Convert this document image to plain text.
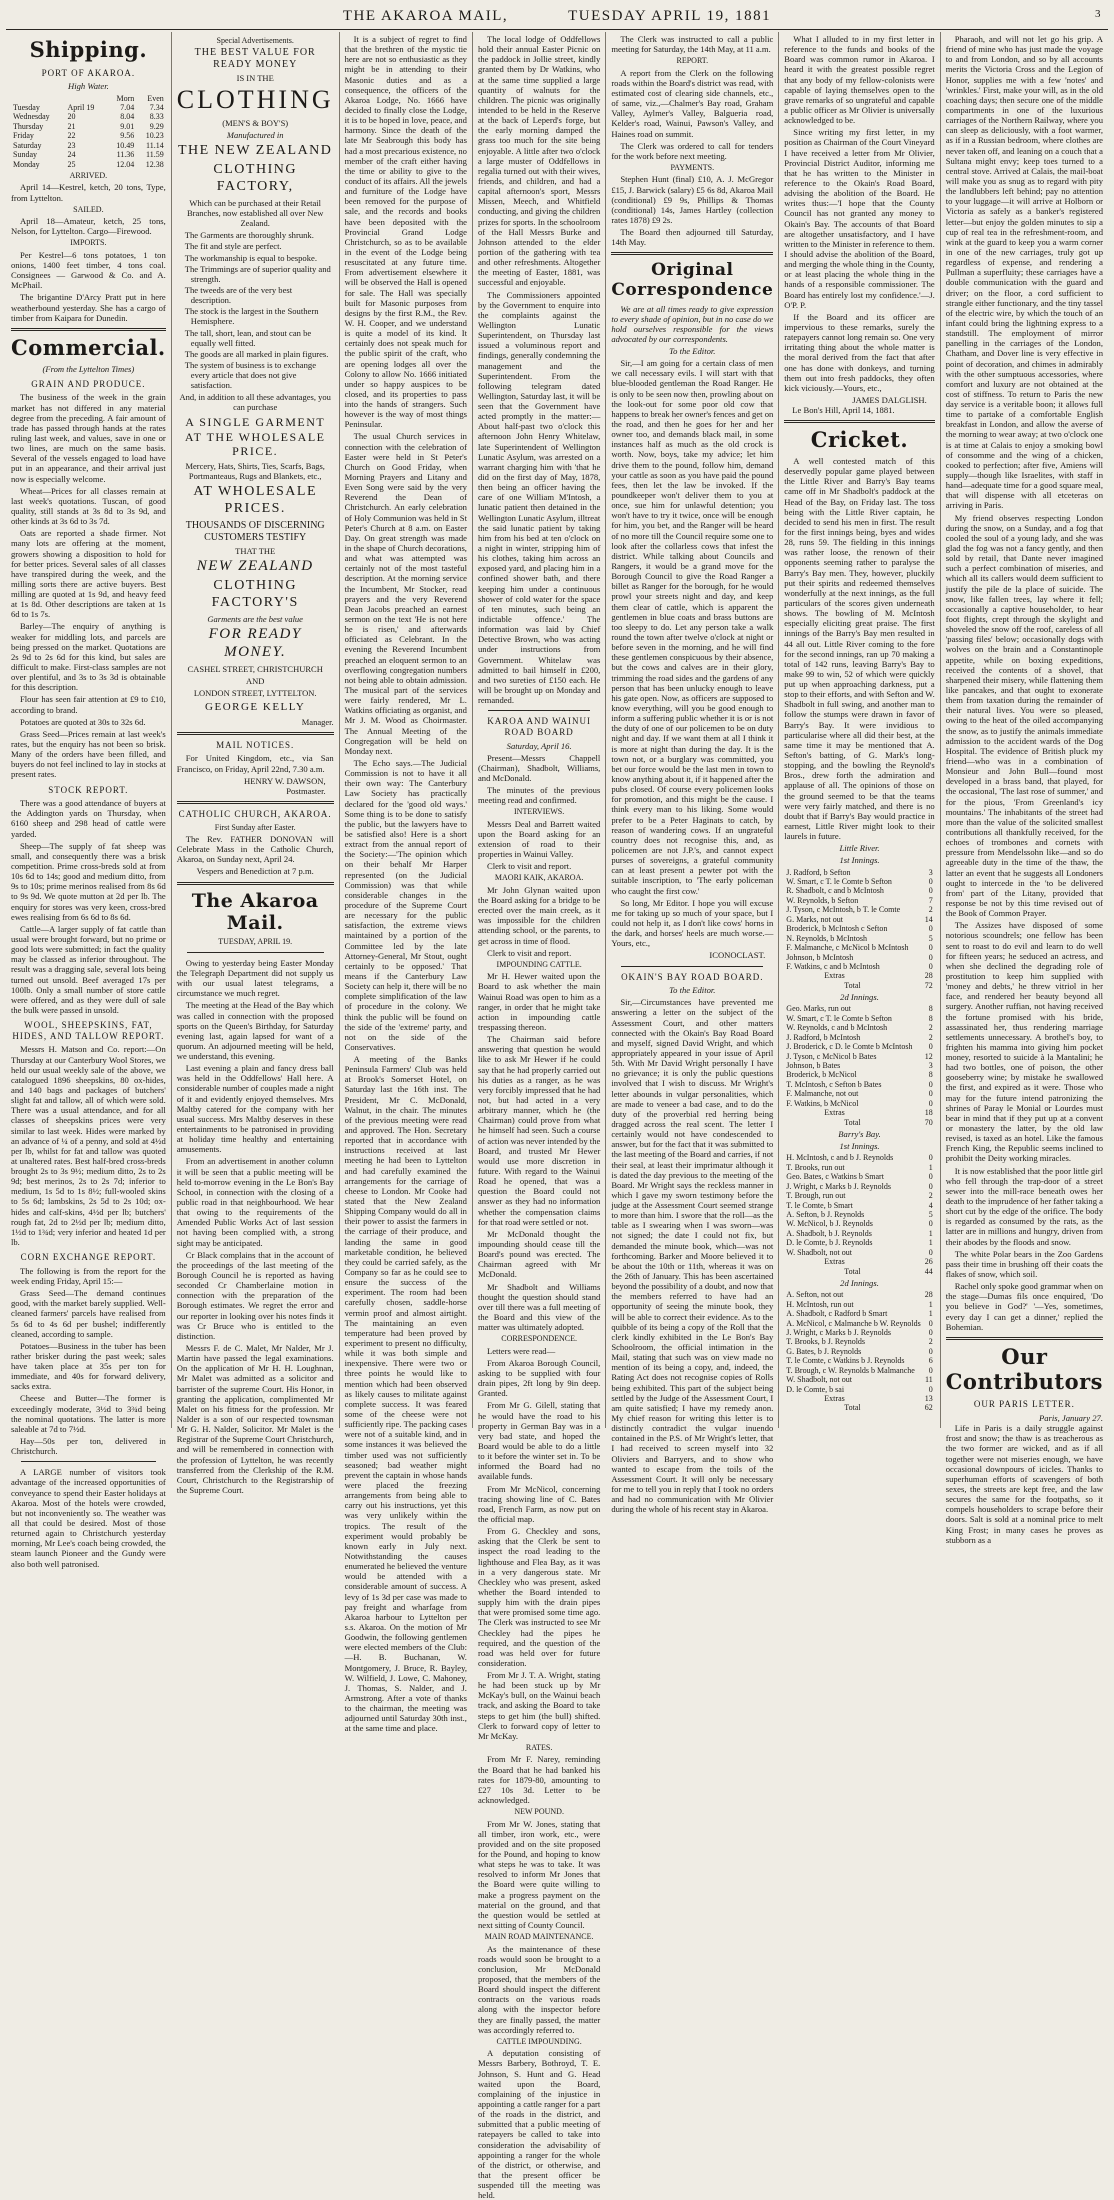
THE AKAROA MAIL,	TUESDAY APRIL 19, 1881	3
Shipping.
PORT OF AKAROA.
High Water.
		Morn	Even
Tuesday	April 19	7.04	7.34
Wednesday	20	8.04	8.33
Thursday	21	9.01	9.29
Friday	22	9.56	10.23
Saturday	23	10.49	11.14
Sunday	24	11.36	11.59
Monday	25	12.04	12.38
ARRIVED.

April 14—Kestrel, ketch, 20 tons, Type, from Lyttelton.

SAILED.

April 18—Amateur, ketch, 25 tons, Nelson, for Lyttelton. Cargo—Firewood.

IMPORTS.

Per Kestrel—6 tons potatoes, 1 ton onions, 1400 feet timber, 4 tons coal. Consignees — Garwood & Co. and A. McPhail.

The brigantine D'Arcy Pratt put in here weatherbound yesterday. She has a cargo of timber from Kaipara for Dunedin.

Commercial.
(From the Lyttelton Times)
GRAIN AND PRODUCE.

The business of the week in the grain market has not differed in any material degree from the preceding. A fair amount of trade has passed through hands at the rates ruling last week, and values, save in one or two lines, are much on the same basis. Several of the vessels engaged to load have put in an appearance, and their arrival just now is especially welcome.

Wheat—Prices for all classes remain at last week's quotations. Tuscan, of good quality, still stands at 3s 8d to 3s 9d, and other kinds at 3s 6d to 3s 7d.

Oats are reported a shade firmer. Not many lots are offering at the moment, growers showing a disposition to hold for for better prices. Several sales of all classes have transpired during the week, and the milling sorts there are active buyers. Best milling are quoted at 1s 9d, and heavy feed at 1s 8d. Other descriptions are taken at 1s 6d to 1s 7s.

Barley—The enquiry of anything is weaker for middling lots, and parcels are being pressed on the market. Quotations are 2s 9d to 2s 6d for this kind, but sales are difficult to make. First-class samples are not over plentiful, and 3s to 3s 3d is obtainable for this description.

Flour has seen fair attention at £9 to £10, according to brand.

Potatoes are quoted at 30s to 32s 6d.

Grass Seed—Prices remain at last week's rates, but the enquiry has not been so brisk. Many of the orders have been filled, and buyers do not feel inclined to lay in stocks at present rates.

STOCK REPORT.

There was a good attendance of buyers at the Addington yards on Thursday, when 6160 sheep and 298 head of cattle were yarded.

Sheep—The supply of fat sheep was small, and consequently there was a brisk competition. Prime cross-breds sold at from 10s 6d to 14s; good and medium ditto, from 9s to 10s; prime merinos realised from 8s 6d to 9s 9d. We quote mutton at 2d per lb. The enquiry for stores was very keen, cross-bred ewes realising from 6s 6d to 8s 6d.

Cattle—A larger supply of fat cattle than usual were brought forward, but no prime or good lots were submitted; in fact the quality may be classed as inferior throughout. The result was a dragging sale, several lots being turned out unsold. Beef averaged 17s per 100lb. Only a small number of store cattle were offered, and as they were dull of sale the bulk were passed in unsold.

WOOL, SHEEPSKINS, FAT, HIDES, AND TALLOW REPORT.

Messrs H. Matson and Co. report:—On Thursday at our Canterbury Wool Stores, we held our usual weekly sale of the above, we catalogued 1896 sheepskins, 80 ox-hides, and 140 bags and packages of butchers' slight fat and tallow, all of which were sold. There was a usual attendance, and for all classes of sheepskins prices were very similar to last week. Hides were marked by an advance of ¼ of a penny, and sold at 4½d per lb, whilst for fat and tallow was quoted at unaltered rates. Best half-bred cross-breds brought 2s to 3s 9½; medium ditto, 2s to 2s 9d; best merinos, 2s to 2s 7d; inferior to medium, 1s 5d to 1s 8½; full-wooled skins to 5s 6d; lambskins, 2s 5d to 2s 10d; ox-hides and calf-skins, 4½d per lb; butchers' rough fat, 2d to 2½d per lb; medium ditto, 1½d to 1¾d; very inferior and heated 1d per lb.

CORN EXCHANGE REPORT.

The following is from the report for the week ending Friday, April 15:—

Grass Seed—The demand continues good, with the market barely supplied. Well-cleaned farmers' parcels have realised from 5s 6d to 4s 6d per bushel; indifferently cleaned, according to sample.

Potatoes—Business in the tuber has been rather brisker during the past week; sales have taken place at 35s per ton for immediate, and 40s for forward delivery, sacks extra.

Cheese and Butter—The former is exceedingly moderate, 3½d to 3¾d being the nominal quotations. The latter is more saleable at 7d to 7½d.

Hay—50s per ton, delivered in Christchurch.

A LARGE number of visitors took advantage of the increased opportunities of conveyance to spend their Easter holidays at Akaroa. Most of the hotels were crowded, but not inconveniently so. The weather was all that could be desired. Most of those returned again to Christchurch yesterday morning, Mr Lee's coach being crowded, the steam launch Pioneer and the Gundy were also both well patronised.

Special Advertisements.
THE BEST VALUE FOR READY MONEY
IS IN THE
CLOTHING
(MEN'S & BOY'S)
Manufactured in
THE NEW ZEALAND
CLOTHING FACTORY,
Which can be purchased at their Retail Branches, now established all over New Zealand.
The Garments are thoroughly shrunk.
The fit and style are perfect.
The workmanship is equal to bespoke.
The Trimmings are of superior quality and strength.
The tweeds are of the very best description.
The stock is the largest in the Southern Hemisphere.
The tall, short, lean, and stout can be equally well fitted.
The goods are all marked in plain figures.
The system of business is to exchange every article that does not give satisfaction.
And, in addition to all these advantages, you can purchase
A SINGLE GARMENT AT THE WHOLESALE PRICE.
Mercery, Hats, Shirts, Ties, Scarfs, Bags, Portmanteaus, Rugs and Blankets, etc.,
AT WHOLESALE PRICES.
THOUSANDS OF DISCERNING CUSTOMERS TESTIFY
THAT THE
NEW ZEALAND
CLOTHING FACTORY'S
Garments are the best value
FOR READY MONEY.
CASHEL STREET, CHRISTCHURCH
AND
LONDON STREET, LYTTELTON.
GEORGE KELLY
Manager.
MAIL NOTICES.

For United Kingdom, etc., via San Francisco, on Friday, April 22nd, 7.30 a.m.

HENRY W. DAWSON,
Postmaster.
CATHOLIC CHURCH, AKAROA.
First Sunday after Easter.

The Rev. FATHER DONOVAN will Celebrate Mass in the Catholic Church, Akaroa, on Sunday next, April 24.

Vespers and Benediction at 7 p.m.
The Akaroa Mail.
TUESDAY, APRIL 19.

Owing to yesterday being Easter Monday the Telegraph Department did not supply us with our usual latest telegrams, a circumstance we much regret.

The meeting at the Head of the Bay which was called in connection with the proposed sports on the Queen's Birthday, for Saturday evening last, again lapsed for want of a quorum. An adjourned meeting will be held, we understand, this evening.

Last evening a plain and fancy dress ball was held in the Oddfellows' Hall here. A considerable number of couples made a night of it and evidently enjoyed themselves. Mrs Maltby catered for the company with her usual success. Mrs Maltby deserves in these entertainments to be patronised in providing at holiday time healthy and entertaining amusements.

From an advertisement in another column it will be seen that a public meeting will be held to-morrow evening in the Le Bon's Bay School, in connection with the closing of a public road in that neighbourhood. We hear that owing to the requirements of the Amended Public Works Act of last session not having been complied with, a strong sight may be anticipated.

Cr Black complains that in the account of the proceedings of the last meeting of the Borough Council he is reported as having seconded Cr Chamberlaine motion in connection with the preparation of the Borough estimates. We regret the error and our reporter in looking over his notes finds it was Cr Bruce who is entitled to the distinction.

Messrs F. de C. Malet, Mr Nalder, Mr J. Martin have passed the legal examinations. On the application of Mr H. H. Loughnan, Mr Malet was admitted as a solicitor and barrister of the supreme Court. His Honor, in granting the application, complimented Mr Malet on his fitness for the profession. Mr Nalder is a son of our respected townsman Mr G. H. Nalder, Solicitor. Mr Malet is the Registrar of the Supreme Court Christchurch, and will be remembered in connection with the profession of Lyttelton, he was recently transferred from the Clerkship of the R.M. Court, Christchurch to the Registrarship of the Supreme Court.

It is a subject of regret to find that the brethren of the mystic tie here are not so enthusiastic as they might be in attending to their Masonic duties and as a consequence, the officers of the Akaroa Lodge, No. 1666 have decided to finally close the Lodge, it is to be hoped in love, peace, and harmony. Since the death of the late Mr Seabrough this body has had a most precarious existence, no member of the craft either having the time or ability to give to the conduct of its affairs. All the jewels and furniture of the Lodge have been removed for the purpose of sale, and the records and books have been deposited with the Provincial Grand Lodge Christchurch, so as to be available in the event of the Lodge being resuscitated at any future time. From advertisement elsewhere it will be observed the Hall is opened for sale. The Hall was specially built for Masonic purposes from designs by the first R.M., the Rev. W. H. Cooper, and we understand is quite a model of its kind. It certainly does not speak much for the public spirit of the craft, who are opening lodges all over the Colony to allow No. 1666 initiated under so happy auspices to be closed, and its properties to pass into the hands of strangers. Such however is the way of most things Peninsular.

The usual Church services in connection with the celebration of Easter were held in St Peter's Church on Good Friday, when Morning Prayers and Litany and Even Song were said by the very Reverend the Dean of Christchurch. An early celebration of Holy Communion was held in St Peter's Church at 8 a.m. on Easter Day. On great strength was made in the shape of Church decorations, and what was attempted was certainly not of the most tasteful description. At the morning service the Incumbent, Mr Stocker, read prayers and the very Reverend Dean Jacobs preached an earnest sermon on the text 'He is not here he is risen,' and afterwards officiated as Celebrant. In the evening the Reverend Incumbent preached an eloquent sermon to an overflowing congregation numbers not being able to obtain admission. The musical part of the services were fairly rendered, Mr L. Watkins officiating as organist, and Mr J. M. Wood as Choirmaster. The Annual Meeting of the Congregation will be held on Monday next.

The Echo says.—The Judicial Commission is not to have it all their own way: The Canterbury Law Society has practically declared for the 'good old ways.' Some thing is to be done to satisfy the public, but the lawyers have to be satisfied also! Here is a short extract from the annual report of the Society:—'The opinion which on their behalf Mr Harper represented (on the Judicial Commission) was that while considerable changes in the procedure of the Supreme Court are necessary for the public satisfaction, the extreme views maintained by a portion of the Committee led by the late Attorney-General, Mr Stout, ought certainly to be opposed.' That means if the Canterbury Law Society can help it, there will be no complete simplification of the law of procedure in the colony. We think the public will be found on the side of the 'extreme' party, and not on the side of the Conservatives.

A meeting of the Banks Peninsula Farmers' Club was held at Brook's Somerset Hotel, on Saturday last the 16th inst. The President, Mr C. McDonald, Walnut, in the chair. The minutes of the previous meeting were read and approved. The Hon. Secretary reported that in accordance with instructions received at last meeting he had been to Lyttelton and had carefully examined the arrangements for the carriage of cheese to London. Mr Cooke had stated that the New Zealand Shipping Company would do all in their power to assist the farmers in the carriage of their produce, and landing the same in good marketable condition, he believed they could be carried safely, as the Company so far as he could see to ensure the success of the experiment. The room had been carefully chosen, saddle-horse vermin proof and almost airtight. The maintaining an even temperature had been proved by experiment to present no difficulty, while it was both simple and inexpensive. There were two or three points he would like to mention which had been observed as likely causes to militate against complete success. It was feared some of the cheese were not sufficiently ripe. The packing cases were not of a suitable kind, and in some instances it was believed the timber used was not sufficiently seasoned; bad weather might prevent the captain in whose hands were placed the freezing arrangements from being able to carry out his instructions, yet this was very unlikely within the tropics. The result of the experiment would probably be known early in July next. Notwithstanding the causes enumerated he believed the venture would be attended with a considerable amount of success. A levy of 1s 3d per case was made to pay freight and wharfage from Akaroa harbour to Lyttelton per s.s. Akaroa. On the motion of Mr Goodwin, the following gentlemen were elected members of the Club:—H. B. Buchanan, W. Montgomery, J. Bruce, R. Bayley, W. Wilfield, J. Lowe, C. Mahoney, J. Thomas, S. Nalder, and J. Armstrong. After a vote of thanks to the chairman, the meeting was adjourned until Saturday 30th inst., at the same time and place.

The local lodge of Oddfellows hold their annual Easter Picnic on the paddock in Jollie street, kindly granted them by Dr Watkins, who at the same time supplied a large quantity of walnuts for the children. The picnic was originally intended to be held in the Reserve at the back of Leperd's forge, but the early morning damped the grass too much for the site being enjoyable. A little after two o'clock a large muster of Oddfellows in regalia turned out with their wives, friends, and children, and had a capital afternoon's sport, Messrs Missen, Meech, and Whitfield conducting, and giving the children prizes for sports. In the schoolroom of the Hall Messrs Burke and Johnson attended to the elder portion of the gathering with tea and other refreshments. Altogether the meeting of Easter, 1881, was successful and enjoyable.

The Commissioners appointed by the Government to enquire into the complaints against the Wellington Lunatic Superintendent, on Thursday last issued a voluminous report and findings, generally condemning the management and the Superintendent. From the following telegram dated Wellington, Saturday last, it will be seen that the Government have acted promptly in the matter:—About half-past two o'clock this afternoon John Henry Whitelaw, late Superintendent of Wellington Lunatic Asylum, was arrested on a warrant charging him with 'that he did on the first day of May, 1878, then being an officer having the care of one William M'Intosh, a lunatic patient then detained in the Wellington Lunatic Asylum, illtreat the said lunatic patient by taking him from his bed at ten o'clock on a night in winter, stripping him of his clothes, taking him across an exposed yard, and placing him in a confined shower bath, and there keeping him under a continuous shower of cold water for the space of ten minutes, such being an indictable offence.' The information was laid by Chief Detective Brown, who was acting under instructions from Government. Whitelaw was admitted to bail himself in £200, and two sureties of £150 each. He will be brought up on Monday and remanded.

KAROA AND WAINUI ROAD BOARD
Saturday, April 16.

Present—Messrs Chappell (Chairman), Shadbolt, Williams, and McDonald.

The minutes of the previous meeting read and confirmed.

INTERVIEWS.

Messrs Deal and Barrett waited upon the Board asking for an extension of road to their properties in Wainui Valley.

Clerk to visit and report.

MAORI KAIK, AKAROA.

Mr John Glynan waited upon the Board asking for a bridge to be erected over the main creek, as it was impossible for the children attending school, or the parents, to get across in time of flood.

Clerk to visit and report.

IMPOUNDING CATTLE.

Mr H. Hewer waited upon the Board to ask whether the main Wainui Road was open to him as a ranger, in order that he might take action in impounding cattle trespassing thereon.

The Chairman said before answering that question he would like to ask Mr Hewer if he could say that he had properly carried out his duties as a ranger, as he was very forcibly impressed that he had not, but had acted in a very arbitrary manner, which he (the Chairman) could prove from what he himself had seen. Such a course of action was never intended by the Board, and trusted Mr Hewer would use more discretion in future. With regard to the Wainui Road he opened, that was a question the Board could not answer as they had no information whether the compensation claims for that road were settled or not.

Mr McDonald thought the impounding should cease till the Board's pound was erected. The Chairman agreed with Mr McDonald.

Mr Shadbolt and Williams thought the question should stand over till there was a full meeting of the Board and this view of the matter was ultimately adopted.

CORRESPONDENCE.

Letters were read—

From Akaroa Borough Council, asking to be supplied with four drain pipes, 2ft long by 9in deep. Granted.

From Mr G. Gilell, stating that he would have the road to his property in German Bay was in a very bad state, and hoped the Board would be able to do a little to it before the winter set in. To be informed the Board had no available funds.

From Mr McNicol, concerning tracing showing line of C. Bates road, French Farm, as now put on the official map.

From G. Checkley and sons, asking that the Clerk be sent to inspect the road leading to the lighthouse and Flea Bay, as it was in a very dangerous state. Mr Checkley who was present, asked whether the Board intended to supply him with the drain pipes that were promised some time ago. The Clerk was instructed to see Mr Checkley had the pipes he required, and the question of the road was held over for future consideration.

From Mr J. T. A. Wright, stating he had been stuck up by Mr McKay's bull, on the Wainui beach track, and asking the Board to take steps to get him (the bull) shifted. Clerk to forward copy of letter to Mr McKay.

RATES.

From Mr F. Narey, reminding the Board that he had banked his rates for 1879-80, amounting to £27 10s 3d. Letter to be acknowledged.

NEW POUND.

From Mr W. Jones, stating that all timber, iron work, etc., were provided and on the site proposed for the Pound, and hoping to know what steps he was to take. It was resolved to inform Mr Jones that the Board were quite willing to make a progress payment on the material on the ground, and that the question would be settled at next sitting of County Council.

MAIN ROAD MAINTENANCE.

As the maintenance of these roads would soon be brought to a conclusion, Mr McDonald proposed, that the members of the Board should inspect the different contracts on the various roads along with the inspector before they are finally passed, the matter was accordingly referred to.

CATTLE IMPOUNDING.

A deputation consisting of Messrs Barbery, Bothroyd, T. E. Johnson, S. Hunt and G. Head waited upon the Board, complaining of the injustice in appointing a cattle ranger for a part of the roads in the district, and submitted that a public meeting of ratepayers be called to take into consideration the advisability of appointing a ranger for the whole of the district, or otherwise, and that the present officer be suspended till the meeting was held.

The Clerk was instructed to call a public meeting for Saturday, the 14th May, at 11 a.m.

REPORT.

A report from the Clerk on the following roads within the Board's district was read, with estimated cost of clearing side channels, etc., of same, viz.,—Chalmer's Bay road, Graham Valley, Aylmer's Valley, Balgueria road, Kelder's road, Wainui, Pawson's Valley, and Haines road on summit.

The Clerk was ordered to call for tenders for the work before next meeting.

PAYMENTS.

Stephen Hunt (final) £10, A. J. McGregor £15, J. Barwick (salary) £5 6s 8d, Akaroa Mail (conditional) £9 9s, Phillips & Thomas (conditional) 14s, James Hartley (collection rates 1878) £9 2s.

The Board then adjourned till Saturday, 14th May.

Original Correspondence

We are at all times ready to give expression to every shade of opinion, but in no case do we hold ourselves responsible for the views advocated by our correspondents.

To the Editor.

Sir,—I am going for a certain class of men we call necessary evils. I will start with that blue-blooded gentleman the Road Ranger. He is only to be seen now then, prowling about on the look-out for some poor old cow that happens to break her owner's fences and get on the road, and then he goes for her and her owner too, and demands black mail, in some instances half as much as the old crock is worth. Now, boys, take my advice; let him drive them to the pound, follow him, demand your cattle as soon as you have paid the pound fees, then let the law be invoked. If the poundkeeper won't deliver them to you at once, sue him for unlawful detention; you won't have to try it twice, once will be enough for him, you bet, and the Ranger will be heard of no more till the Council require some one to look after the collarless cows that infest the district. While talking about Councils and Rangers, it would be a grand move for the Borough Council to give the Road Ranger a billet as Ranger for the borough, for he would prowl your streets night and day, and keep them clear of cattle, which is apparent the gentlemen in blue coats and brass buttons are too sleepy to do. Let any person take a walk round the town after twelve o'clock at night or before seven in the morning, and he will find these gentlemen conspicuous by their absence, but the cows and calves are in their glory, trimming the road sides and the gardens of any person that has been unlucky enough to leave his gate open. Now, as officers are supposed to know everything, will you be good enough to inform a suffering public whether it is or is not the duty of one of our policemen to be on duty night and day. If we want them at all I think it is more at night than during the day. It is the town not, or a burglary was committed, you bet our force would be the last men in town to know anything about it, if it happened after the pubs closed. Of course every policemen looks for promotion, and this might be the cause. I think every man to his liking. Some would prefer to be a Peter Haginats to catch, by reason of wandering cows. If an ungrateful country does not recognise this, and, as policemen are not J.P.'s, and cannot expect purses of sovereigns, a grateful community can at least present a pewter pot with the suitable inscription, to 'The early policeman who caught the first cow.'

So long, Mr Editor. I hope you will excuse me for taking up so much of your space, but I could not help it, as I don't like cows' horns in the dark, and horses' heels are much worse.—Yours, etc.,

ICONOCLAST.
OKAIN'S BAY ROAD BOARD.
To the Editor.

Sir,—Circumstances have prevented me answering a letter on the subject of the Assessment Court, and other matters connected with the Okain's Bay Road Board and myself, signed David Wright, and which appropriately appeared in your issue of April 5th. With Mr David Wright personally I have no grievance; it is only the public questions involved that I wish to discuss. Mr Wright's letter abounds in vulgar personalities, which are made to veneer a bad case, and to do the duty of the proverbial red herring being dragged across the real scent. The letter I certainly would not have condescended to answer, but for the fact that it was submitted to the last meeting of the Board and carries, if not their seal, at least their imprimatur although it is dated the day previous to the meeting of the Board. Mr Wright says the reckless manner in which I gave my sworn testimony before the judge at the Assessment Court seemed strange to more than him. I swore that the roll—as the table as I swearing when I was sworn—was not signed; the date I could not fix, but demanded the minute book, which—was not forthcoming. Barker and Moore believed it to be about the 10th or 11th, whereas it was on the 26th of January. This has been ascertained beyond the possibility of a doubt, and now that the members referred to have had an opportunity of seeing the minute book, they will be able to correct their evidence. As to the quibble of its being a copy of the Roll that the clerk kindly exhibited in the Le Bon's Bay Schoolroom, the official intimation in the Mail, stating that such was on view made no mention of its being a copy, and, indeed, the Rating Act does not recognise copies of Rolls being exhibited. This part of the subject being settled by the Judge of the Assessment Court, I am quite satisfied; I have my remedy anon. My chief reason for writing this letter is to distinctly contradict the vulgar inuendo contained in the P.S. of Mr Wright's letter, that I had received to screen myself into 32 Oliviers and Barryers, and to show who wanted to escape from the toils of the Assessment Court. It will only be necessary for me to tell you in reply that I took no orders and had no communication with Mr Olivier during the whole of his recent stay in Akaroa.

What I alluded to in my first letter in reference to the funds and books of the Board was common rumor in Akaroa. I heard it with the greatest possible regret that any body of my fellow-colonists were capable of laying themselves open to the grave remarks of so ungrateful and capable a public officer as Mr Olivier is universally acknowledged to be.

Since writing my first letter, in my position as Chairman of the Court Vineyard I have received a letter from Mr Olivier, Provincial District Auditor, informing me that he has written to the Minister in reference to the Okain's Road Board, advising the abolition of the Board. He writes thus:—'I hope that the County Council has not granted any money to Okain's Bay. The accounts of that Board are altogether unsatisfactory, and I have written to the Minister in reference to them. I should advise the abolition of the Board, and merging the whole thing in the County, or at least placing the whole thing in the hands of a responsible commissioner. The Board has entirely lost my confidence.'—J. O'P. P.

If the Board and its officer are impervious to these remarks, surely the ratepayers cannot long remain so. One very irritating thing about the whole matter is the moral derived from the fact that after one has done with donkeys, and turning them out into fresh paddocks, they often kick viciously.—Yours, etc.,

JAMES DALGLISH.
Le Bon's Hill, April 14, 1881.
Cricket.

A well contested match of this deservedly popular game played between the Little River and Barry's Bay teams came off in Mr Shadbolt's paddock at the Head of the Bay, on Friday last. The toss being with the Little River captain, he decided to send his men in first. The result for the first innings being, byes and wides 28, runs 59. The fielding in this innings was rather loose, the renown of their opponents seeming rather to paralyse the Barry's Bay men. They, however, pluckily put their spirits and redeemed themselves wonderfully at the next innings, as the full particulars of the scores given underneath shows. The bowling of M. McIntosh especially eliciting great praise. The first innings of the Barry's Bay men resulted in 44 all out. Little River coming to the fore for the second innings, ran up 70 making a total of 142 runs, leaving Barry's Bay to make 99 to win, 52 of which were quickly put up when approaching darkness, put a stop to their efforts, and with Sefton and W. Shadbolt in full swing, and another man to follow the stumps were drawn in favor of Barry's Bay. It were invidious to particularise where all did their best, at the same time it may be mentioned that A. Sefton's batting, of G. Mark's long-stopping, and the bowling the Reynold's Bros., drew forth the admiration and applause of all. The opinions of those on the ground seemed to be that the teams were very fairly matched, and there is no doubt that if Barry's Bay would practice in earnest, Little River might look to their laurels in future.

Little River.
1st Innings.
J. Radford, b Sefton	3
W. Smart, c T. le Comte b Sefton	0
R. Shadbolt, c and b McIntosh	0
W. Reynolds, b Sefton	7
J. Tyson, c McIntosh, b T. le Comte	2
G. Marks, not out	14
Broderick, b McIntosh c Sefton	0
N. Reynolds, b McIntosh	5
F. Malmanche, c McNicol b McIntosh	0
Johnson, b McIntosh	0
F. Watkins, c and b McIntosh	0
Extras	28
Total	72
2d Innings.
Geo. Marks, run out	8
W. Smart, c T. le Comte b Sefton	8
W. Reynolds, c and b McIntosh	2
J. Radford, b McIntosh	2
J. Broderick, c D. le Comte b McIntosh	0
J. Tyson, c McNicol b Bates	12
Johnson, b Bates	3
Broderick, b McNicol	8
T. McIntosh, c Sefton b Bates	0
F. Malmanche, not out	0
F. Watkins, b McNicol	0
Extras	18
Total	70
Barry's Bay.
1st Innings.
H. McIntosh, c and b J. Reynolds	0
T. Brooks, run out	1
Geo. Bates, c Watkins b Smart	0
J. Wright, c Marks b J. Reynolds	0
T. Brough, run out	2
T. le Comte, b Smart	4
A. Sefton, b J. Reynolds	5
W. McNicol, b J. Reynolds	0
A. Shadbolt, b J. Reynolds	1
D. le Comte, b J. Reynolds	1
W. Shadbolt, not out	0
Extras	26
Total	44
2d Innings.
A. Sefton, not out	28
H. McIntosh, run out	1
A. Shadbolt, c Radford b Smart	1
A. McNicol, c Malmanche b W. Reynolds	0
J. Wright, c Marks b J. Reynolds	0
T. Brooks, b J. Reynolds	2
G. Bates, b J. Reynolds	0
T. le Comte, c Watkins b J. Reynolds	6
T. Brough, c W. Reynolds b Malmanche	0
W. Shadbolt, not out	11
D. le Comte, b sai	0
Extras	13
Total	62

Pharaoh, and will not let go his grip. A friend of mine who has just made the voyage to and from London, and so by all accounts merits the Victoria Cross and the Legion of Honor, supplies me with a few 'notes' and 'wrinkles.' First, make your will, as in the old coaching days; then secure one of the middle compartments in one of the luxurious carriages of the Northern Railway, where you can sleep as deliciously, with a foot warmer, as if in a Russian bedroom, where clothes are never taken off, and leaning on a couch that a Sultana might envy; keep toes turned to a central stove. Arrived at Calais, the mail-boat will make you as snug as to regard with pity the landlubbers left behind; pay no attention to your luggage—it will arrive at Holborn or Victoria as safely as a banker's registered letter—but enjoy the golden minutes to sip a cup of real tea in the refreshment-room, and wink at the guard to keep you a warm corner in one of the new carriages, truly got up regardless of expense, and rendering a Pullman a superfluity; these carriages have a double communication with the guard and driver; on the floor, a cord sufficient to strangle either functionary, and the tiny tassel of the electric wire, by which the touch of an infant could bring the lightning express to a standstill. The employment of mirror panelling in the carriages of the London, Chatham, and Dover line is very effective in point of decoration, and chimes in admirably with the other sumptuous accessories, where comfort and luxury are not obtained at the cost of stiffness. To return to Paris the new day service is a veritable boon; it allows full time to partake of a comfortable English breakfast in London, and allow the averse of the morning to wear away; at two o'clock one is at time at Calais to enjoy a smoking bowl of consomme and the wing of a chicken, cooked to perfection; after five, Amiens will supply—though like Israelites, with staff in hand—adequate time for a good square meal, that will dispense with all etceteras on arriving in Paris.

My friend observes respecting London during the snow, on a Sunday, and a fog that cooled the soul of a young lady, and she was glad the fog was not a fancy gently, and then sold by retail, that Dante never imagined such a perfect combination of miseries, and which all its callers would deem sufficient to justify the pile de la place of suicide. The snow, like fallen trees, lay where it fell; occasionally a captive householder, to hear foot flights, crept through the skylight and shoveled the snow off the roof, careless of all 'passing files' below; occasionally dogs with wolves on the brain and a Constantinople appetite, while on boxing expeditions, received the contents of a shovel, that sharpened their misery, while flattening them like pancakes, and that ought to exonerate them from taxation during the remainder of their natural lives. You were so pleased, owing to the heat of the oiled accompanying the snow, as to justify the animals immediate admission to the accident wards of the Dog Hospital. The evidence of British pluck my friend—who was in a combination of Monsieur and John Bull—found most developed in a brass band, that played, for the occasional, 'The last rose of summer,' and for the pious, 'From Greenland's icy mountains.' The inhabitants of the street had more than the value of the solicited smallest contributions all thankfully received, for the echoes of trombones and cornets with pressure from Mendelssohn like—and so do agreeable duty in the time of the thaw, the latter an event that he suggests all Londoners ought to intercede in the 'to be delivered from' part of the Litany, provided that response be not by this time revised out of the Book of Common Prayer.

The Assizes have disposed of some notorious scoundrels; one fellow has been sent to roast to do evil and learn to do well for fifteen years; he seduced an actress, and when she declined the degrading role of prostitution to keep him supplied with 'money and debts,' he threw vitriol in her face, and rendered her beauty beyond all surgery. Another ruffian, not having received the fortune promised with his bride, assassinated her, thus rendering marriage settlements unnecessary. A brothel's boy, to frighten his mamma into giving him pocket money, resorted to suicide à la Mantalini; he had two bottles, one of poison, the other gooseberry wine; by mistake he swallowed the first, and expired as it were. Those who may for the future intend patronizing the shrines of Paray le Monial or Lourdes must bear in mind that if they put up at a convent or monastery the latter, by the old law revised, is taxed as an hotel. Like the famous French King, the Republic seems inclined to prohibit the Deity working miracles.

It is now established that the poor little girl who fell through the trap-door of a street sewer into the mill-race beneath owes her death to the imprudence of her father taking a short cut by the edge of the orifice. The body is regarded as consumed by the rats, as the latter are in millions and hungry, driven from their abodes by the floods and snow.

The white Polar bears in the Zoo Gardens pass their time in brushing off their coats the flakes of snow, which soil.

Rachel only spoke good grammar when on the stage—Dumas fils once enquired, 'Do you believe in God?' '—Yes, sometimes, every day I can get a dinner,' replied the Bohemian.

Our Contributors
OUR PARIS LETTER.
Paris, January 27.

Life in Paris is a daily struggle against frost and snow; the thaw is as treacherous as the two former are wicked, and as if all together were not miseries enough, we have occasional downpours of icicles. Thanks to superhuman efforts of scavengers of both sexes, the streets are kept free, and the law secures the same for the footpaths, so it compels householders to scrape before their doors. Salt is sold at a nominal price to melt King Frost; in many cases he proves as stubborn as a
